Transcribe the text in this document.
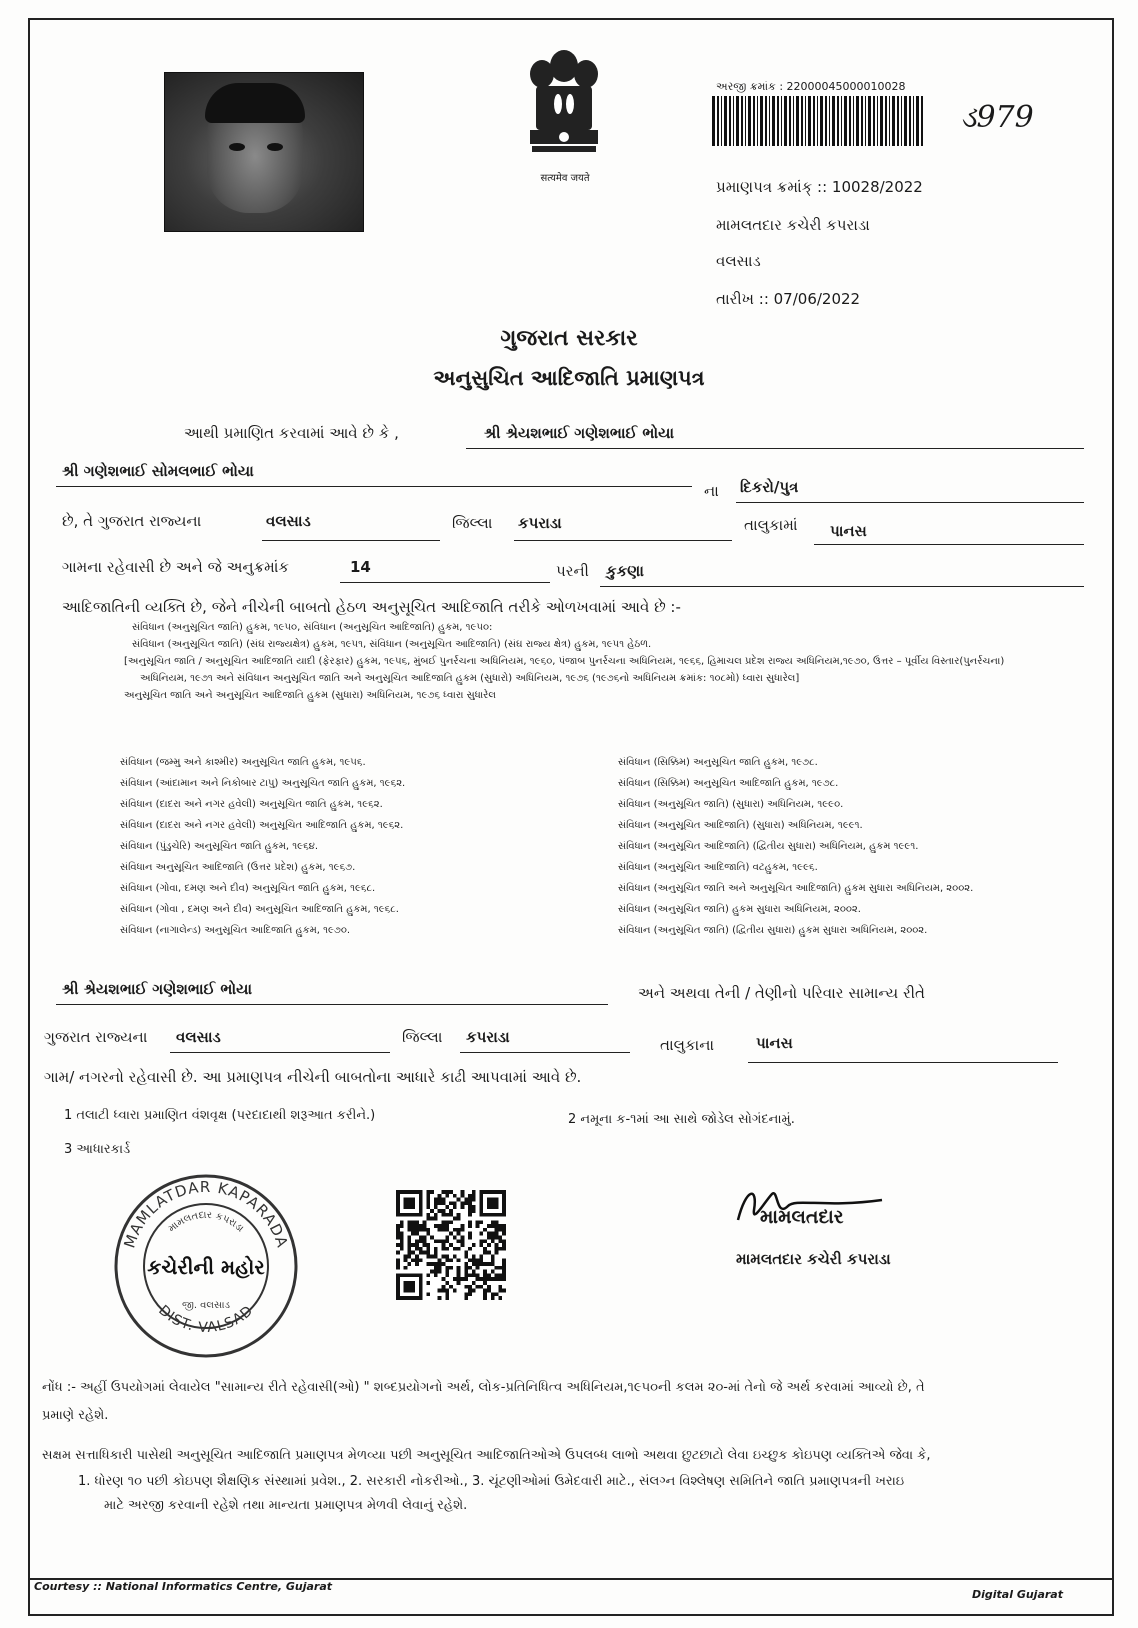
सत्यमेव जयते
અરજી ક્રમાંક : 22000045000010028
ડ979
પ્રમાણપત્ર ક્રમાંક્ :: 10028/2022
મામલતદાર કચેરી કપરાડા
વલસાડ
તારીખ :: 07/06/2022
ગુજરાત સરકાર
અનુસુચિત આદિજાતિ પ્રમાણપત્ર
આથી પ્રમાણિત કરવામાં આવે છે કે ,	શ્રી શ્રેયશભાઈ ગણેશભાઈ ભોયા
શ્રી ગણેશભાઈ સોમલભાઈ ભોયા
ના દિકરો/પુત્ર
છે, તે ગુજરાત રાજ્યના	વલસાડ	જિલ્લા કપરાડા	તાલુકામાં પાનસ
ગામના રહેવાસી છે અને જે અનુક્રમાંક	14	પરની કુકણા
આદિજાતિની વ્યક્તિ છે, જેને નીચેની બાબતો હેઠળ અનુસૂચિત આદિજાતિ તરીકે ઓળખવામાં આવે છે :-
સંવિધાન (અનુસૂચિત જાતિ) હુકમ, ૧૯૫૦, સંવિધાન (અનુસૂચિત આદિજાતિ) હુકમ, ૧૯૫૦:
સંવિધાન (અનુસૂચિત જાતિ) (સંઘ રાજ્યક્ષેત્ર) હુકમ, ૧૯૫૧, સંવિધાન (અનુસૂચિત આદિજાતિ) (સંઘ રાજ્ય ક્ષેત્ર) હુકમ, ૧૯૫૧ હેઠળ.
[અનુસૂચિત જાતિ / અનુસૂચિત આદિજાતિ યાદી (ફેરફાર) હુકમ, ૧૯૫૬, મુંબઈ પુનર્રચના અધિનિયમ, ૧૯૬૦, પંજાબ પુનર્રચના અધિનિયમ, ૧૯૬૬, હિમાચલ પ્રદેશ રાજ્ય અધિનિયમ,૧૯૭૦, ઉત્તર – પૂર્વીય વિસ્તાર(પુનર્રચના)
અધિનિયમ, ૧૯૭૧ અને સંવિધાન અનુસૂચિત જાતિ અને અનુસૂચિત આદિજાતિ હુકમ (સુધારો) અધિનિયમ, ૧૯૭૬ (૧૯૭૬નો અધિનિયમ ક્રમાંક: ૧૦૮મો) ધ્વારા સુધારેલ]
અનુસૂચિત જાતિ અને અનુસૂચિત આદિજાતિ હુકમ (સુધારા) અધિનિયમ, ૧૯૭૬ ધ્વારા સુધારેલ
સંવિધાન (જમ્મુ અને કાશ્મીર) અનુસૂચિત જાતિ હુકમ, ૧૯૫૬.
સંવિધાન (આંદામાન અને નિકોબાર ટાપુ) અનુસૂચિત જાતિ હુકમ, ૧૯૬૨.
સંવિધાન (દાદરા અને નગર હવેલી) અનુસૂચિત જાતિ હુકમ, ૧૯૬૨.
સંવિધાન (દાદરા અને નગર હવેલી) અનુસૂચિત આદિજાતિ હુકમ, ૧૯૬૨.
સંવિધાન (પુંડુચેરિ) અનુસૂચિત જાતિ હુકમ, ૧૯૬૪.
સંવિધાન અનુસૂચિત આદિજાતિ (ઉત્તર પ્રદેશ) હુકમ, ૧૯૬૭.
સંવિધાન (ગોવા, દમણ અને દીવ) અનુસૂચિત જાતિ હુકમ, ૧૯૬૮.
સંવિધાન (ગોવા , દમણ અને દીવ) અનુસૂચિત આદિજાતિ હુકમ, ૧૯૬૮.
સંવિધાન (નાગાલેન્ડ) અનુસૂચિત આદિજાતિ હુકમ, ૧૯૭૦.
સંવિધાન (સિક્કિમ) અનુસૂચિત જાતિ હુકમ, ૧૯૭૮.
સંવિધાન (સિક્કિમ) અનુસૂચિત આદિજાતિ હુકમ, ૧૯૭૮.
સંવિધાન (અનુસૂચિત જાતિ) (સુધારા) અધિનિયમ, ૧૯૯૦.
સંવિધાન (અનુસૂચિત આદિજાતિ) (સુધારા) અધિનિયમ, ૧૯૯૧.
સંવિધાન (અનુસૂચિત આદિજાતિ) (દ્વિતીય સુધારા) અધિનિયમ, હુકમ ૧૯૯૧.
સંવિધાન (અનુસૂચિત આદિજાતિ) વટહુકમ, ૧૯૯૬.
સંવિધાન (અનુસૂચિત જાતિ અને અનુસૂચિત આદિજાતિ) હુકમ સુધારા અધિનિયમ, ૨૦૦૨.
સંવિધાન (અનુસૂચિત જાતિ) હુકમ સુધારા અધિનિયમ, ૨૦૦૨.
સંવિધાન (અનુસૂચિત જાતિ) (દ્વિતીય સુધારા) હુકમ સુધારા અધિનિયમ, ૨૦૦૨.
શ્રી શ્રેયશભાઈ ગણેશભાઈ ભોયા	અને અથવા તેની / તેણીનો પરિવાર સામાન્ય રીતે
ગુજરાત રાજ્યના વલસાડ	જિલ્લા કપરાડા	તાલુકાના	પાનસ
ગામ/ નગરનો રહેવાસી છે. આ પ્રમાણપત્ર નીચેની બાબતોના આધારે કાઢી આપવામાં આવે છે.
1 તલાટી ધ્વારા પ્રમાણિત વંશવૃક્ષ (પરદાદાથી શરૂઆત કરીને.)	2 નમૂના ક-૧માં આ સાથે જોડેલ સોગંદનામું.
3 આધારકાર્ડ
MAMLATDAR KAPARADA
મામલતદાર કપરાડા
કચેરીની મહોર
જી. વલસાડ
DIST. VALSAD
મામલતદાર
મામલતદાર કચેરી કપરાડા
નોંધ :- અહીં ઉપયોગમાં લેવાયેલ "સામાન્ય રીતે રહેવાસી(ઓ) " શબ્દપ્રયોગનો અર્થ, લોક-પ્રતિનિધિત્વ અધિનિયમ,૧૯૫૦ની કલમ ૨૦-માં તેનો જે અર્થ કરવામાં આવ્યો છે, તે
પ્રમાણે રહેશે.
સક્ષમ સત્તાધિકારી પાસેથી અનુસૂચિત આદિજાતિ પ્રમાણપત્ર મેળવ્યા પછી અનુસૂચિત આદિજાતિઓએ ઉપલબ્ધ લાભો અથવા છુટછાટો લેવા ઇચ્છુક કોઇપણ વ્યક્તિએ જેવા કે,
1. ધોરણ ૧૦ પછી કોઇપણ શૈક્ષણિક સંસ્થામાં પ્રવેશ., 2. સરકારી નોકરીઓ., 3. ચૂંટણીઓમાં ઉમેદવારી માટે., સંલગ્ન વિશ્લેષણ સમિતિને જાતિ પ્રમાણપત્રની ખરાઇ
માટે અરજી કરવાની રહેશે તથા માન્યતા પ્રમાણપત્ર મેળવી લેવાનું રહેશે.
Courtesy :: National Informatics Centre, Gujarat
Digital Gujarat
